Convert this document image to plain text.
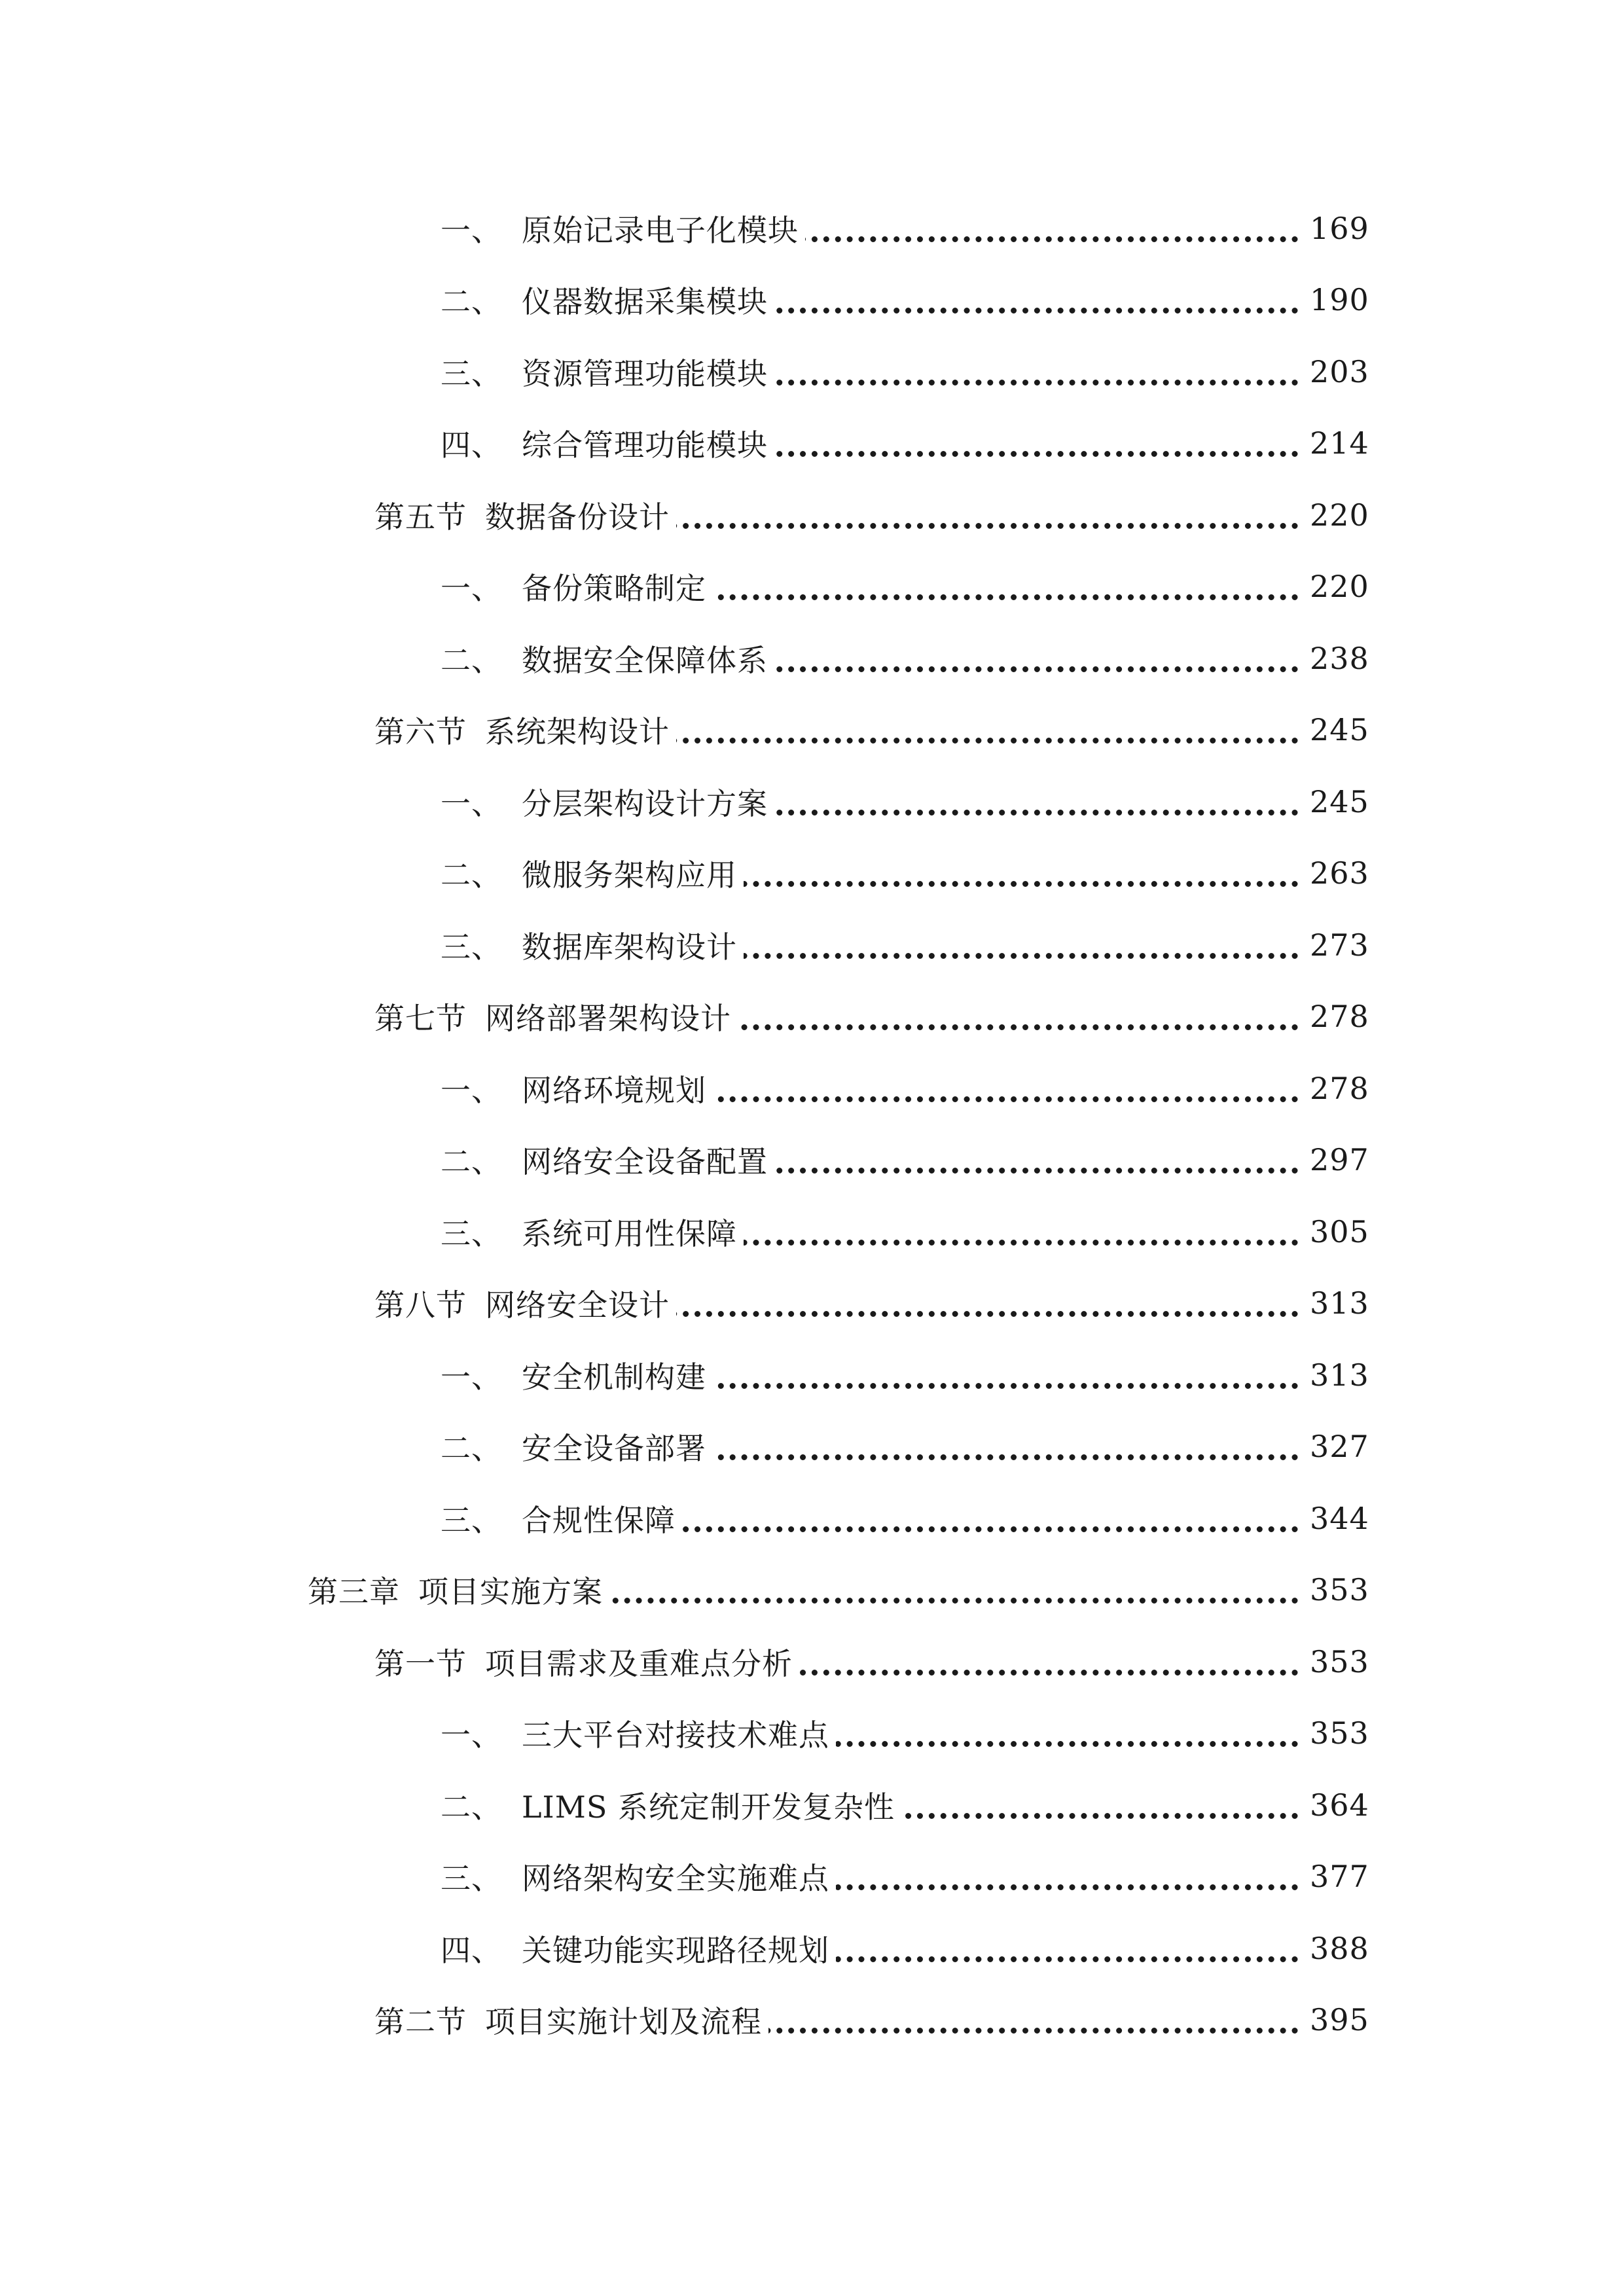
一、 原始记录电子化模块	169
二、 仪器数据采集模块	190
三、 资源管理功能模块	203
四、 综合管理功能模块	214
第五节 数据备份设计	220
一、 备份策略制定	220
二、 数据安全保障体系	238
第六节 系统架构设计	245
一、 分层架构设计方案	245
二、 微服务架构应用	263
三、 数据库架构设计	273
第七节 网络部署架构设计	278
一、 网络环境规划	278
二、 网络安全设备配置	297
三、 系统可用性保障	305
第八节 网络安全设计	313
一、 安全机制构建	313
二、 安全设备部署	327
三、 合规性保障	344
第三章 项目实施方案	353
第一节 项目需求及重难点分析	353
一、 三大平台对接技术难点	353
二、 LIMS 系统定制开发复杂性	364
三、 网络架构安全实施难点	377
四、 关键功能实现路径规划	388
第二节 项目实施计划及流程	395
